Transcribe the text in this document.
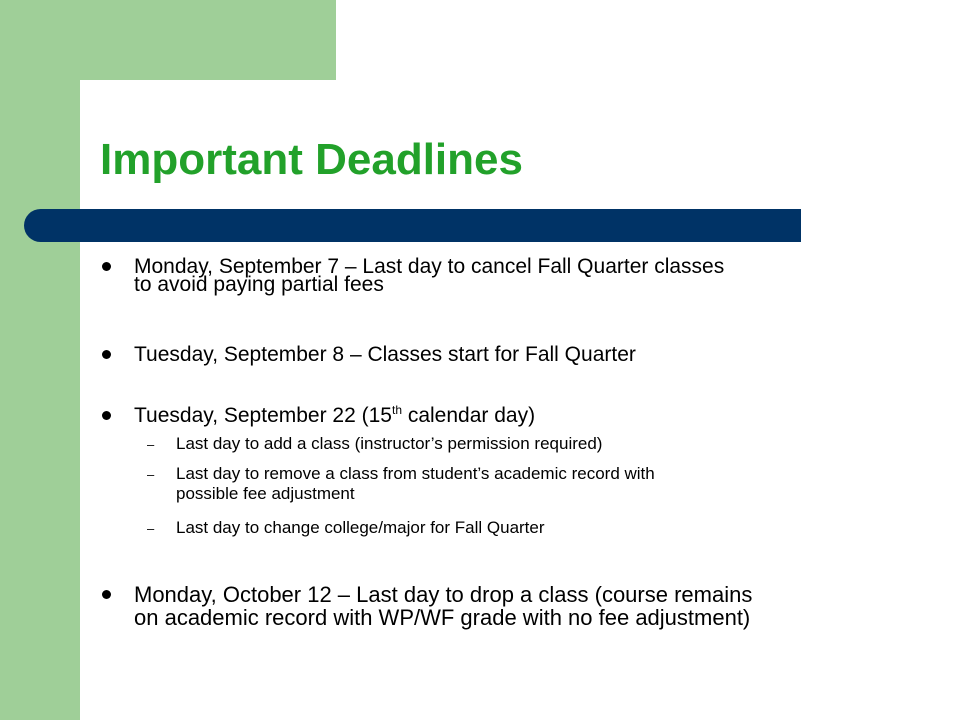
Important Deadlines
Monday, September 7 – Last day to cancel Fall Quarter classes
to avoid paying partial fees
Tuesday, September 8 – Classes start for Fall Quarter
Tuesday, September 22 (15th calendar day)
– Last day to add a class (instructor’s permission required)
– Last day to remove a class from student’s academic record with
possible fee adjustment
– Last day to change college/major for Fall Quarter
Monday, October 12 – Last day to drop a class (course remains
on academic record with WP/WF grade with no fee adjustment)
